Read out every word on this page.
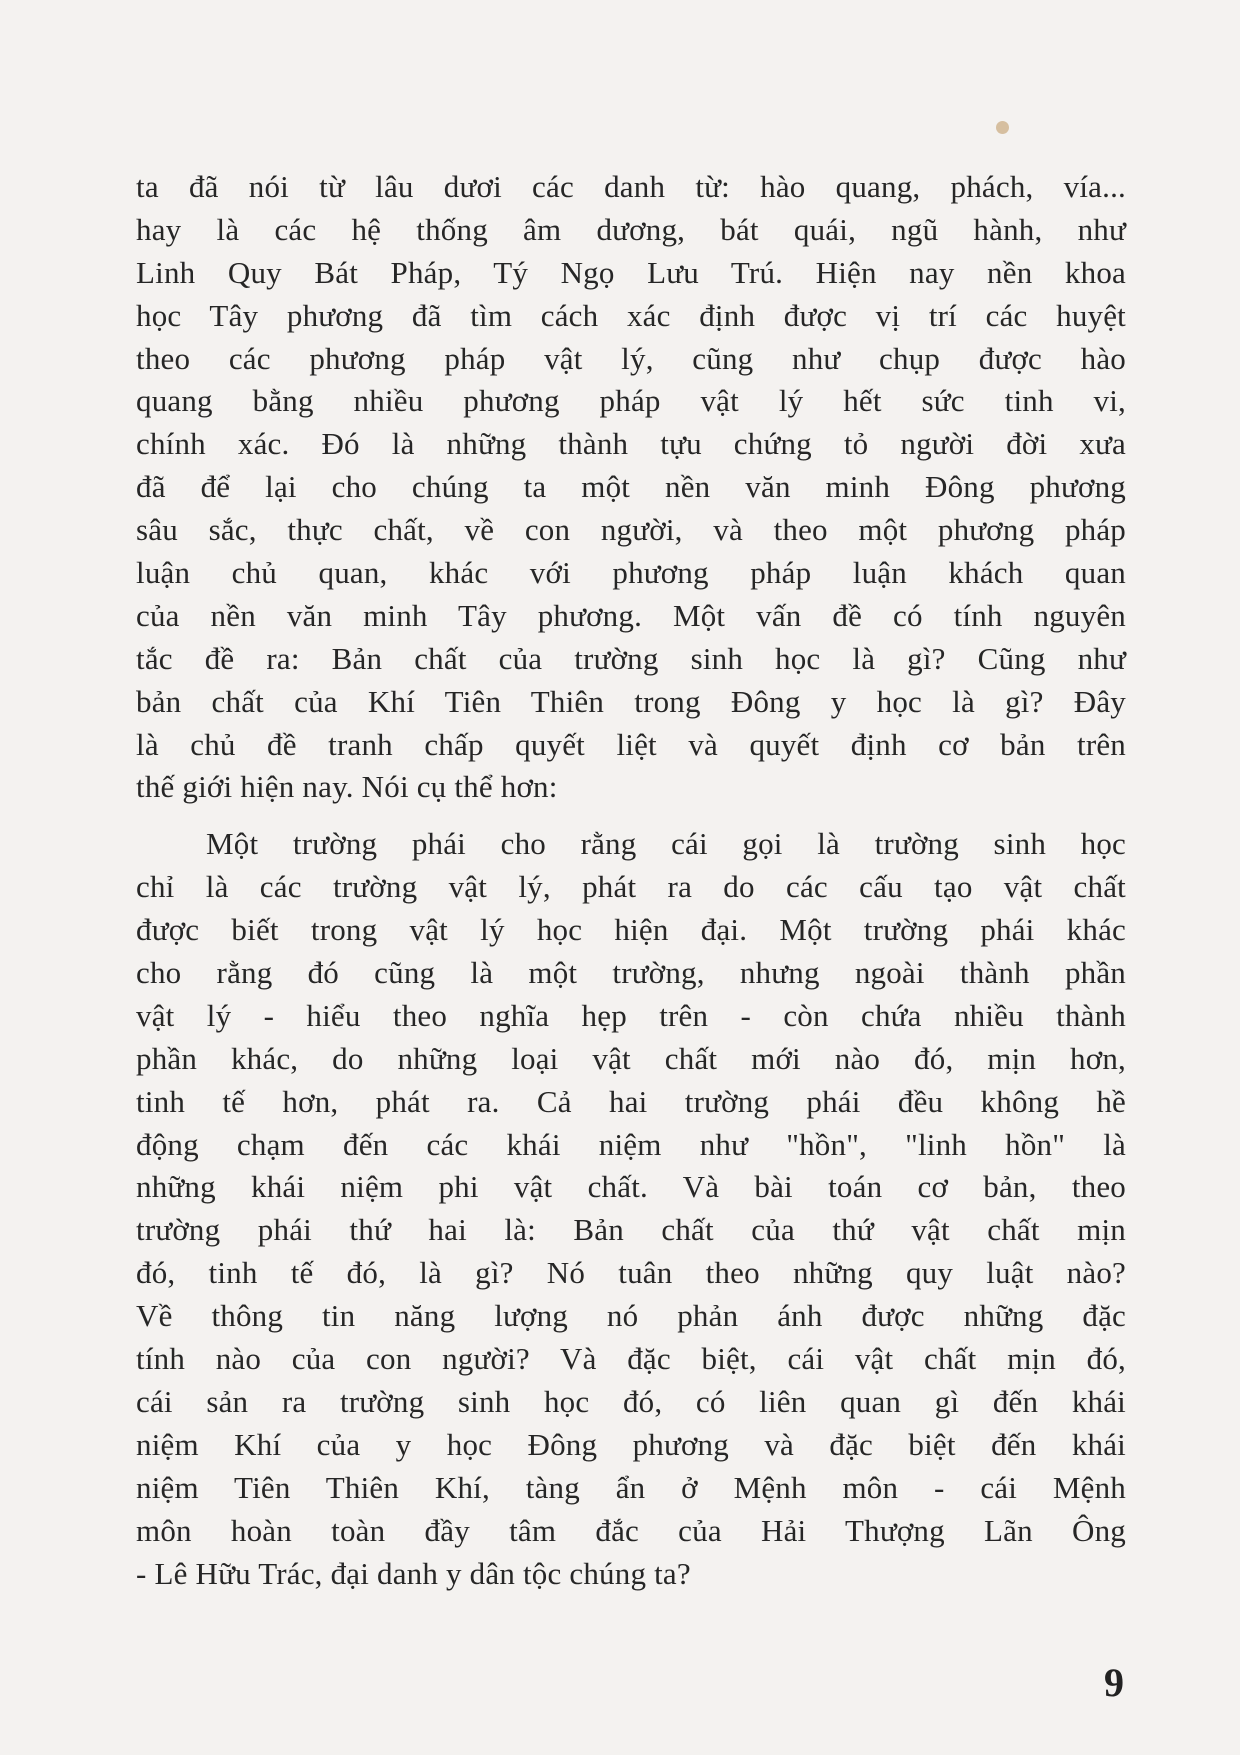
ta đã nói từ lâu dươi các danh từ: hào quang, phách, vía...
hay là các hệ thống âm dương, bát quái, ngũ hành, như
Linh Quy Bát Pháp, Tý Ngọ Lưu Trú. Hiện nay nền khoa
học Tây phương đã tìm cách xác định được vị trí các huyệt
theo các phương pháp vật lý, cũng như chụp được hào
quang bằng nhiều phương pháp vật lý hết sức tinh vi,
chính xác. Đó là những thành tựu chứng tỏ người đời xưa
đã để lại cho chúng ta một nền văn minh Đông phương
sâu sắc, thực chất, về con người, và theo một phương pháp
luận chủ quan, khác với phương pháp luận khách quan
của nền văn minh Tây phương. Một vấn đề có tính nguyên
tắc đề ra: Bản chất của trường sinh học là gì? Cũng như
bản chất của Khí Tiên Thiên trong Đông y học là gì? Đây
là chủ đề tranh chấp quyết liệt và quyết định cơ bản trên
thế giới hiện nay. Nói cụ thể hơn:
Một trường phái cho rằng cái gọi là trường sinh học
chỉ là các trường vật lý, phát ra do các cấu tạo vật chất
được biết trong vật lý học hiện đại. Một trường phái khác
cho rằng đó cũng là một trường, nhưng ngoài thành phần
vật lý - hiểu theo nghĩa hẹp trên - còn chứa nhiều thành
phần khác, do những loại vật chất mới nào đó, mịn hơn,
tinh tế hơn, phát ra. Cả hai trường phái đều không hề
động chạm đến các khái niệm như "hồn", "linh hồn" là
những khái niệm phi vật chất. Và bài toán cơ bản, theo
trường phái thứ hai là: Bản chất của thứ vật chất mịn
đó, tinh tế đó, là gì? Nó tuân theo những quy luật nào?
Về thông tin năng lượng nó phản ánh được những đặc
tính nào của con người? Và đặc biệt, cái vật chất mịn đó,
cái sản ra trường sinh học đó, có liên quan gì đến khái
niệm Khí của y học Đông phương và đặc biệt đến khái
niệm Tiên Thiên Khí, tàng ẩn ở Mệnh môn - cái Mệnh
môn hoàn toàn đầy tâm đắc của Hải Thượng Lãn Ông
- Lê Hữu Trác, đại danh y dân tộc chúng ta?
9
